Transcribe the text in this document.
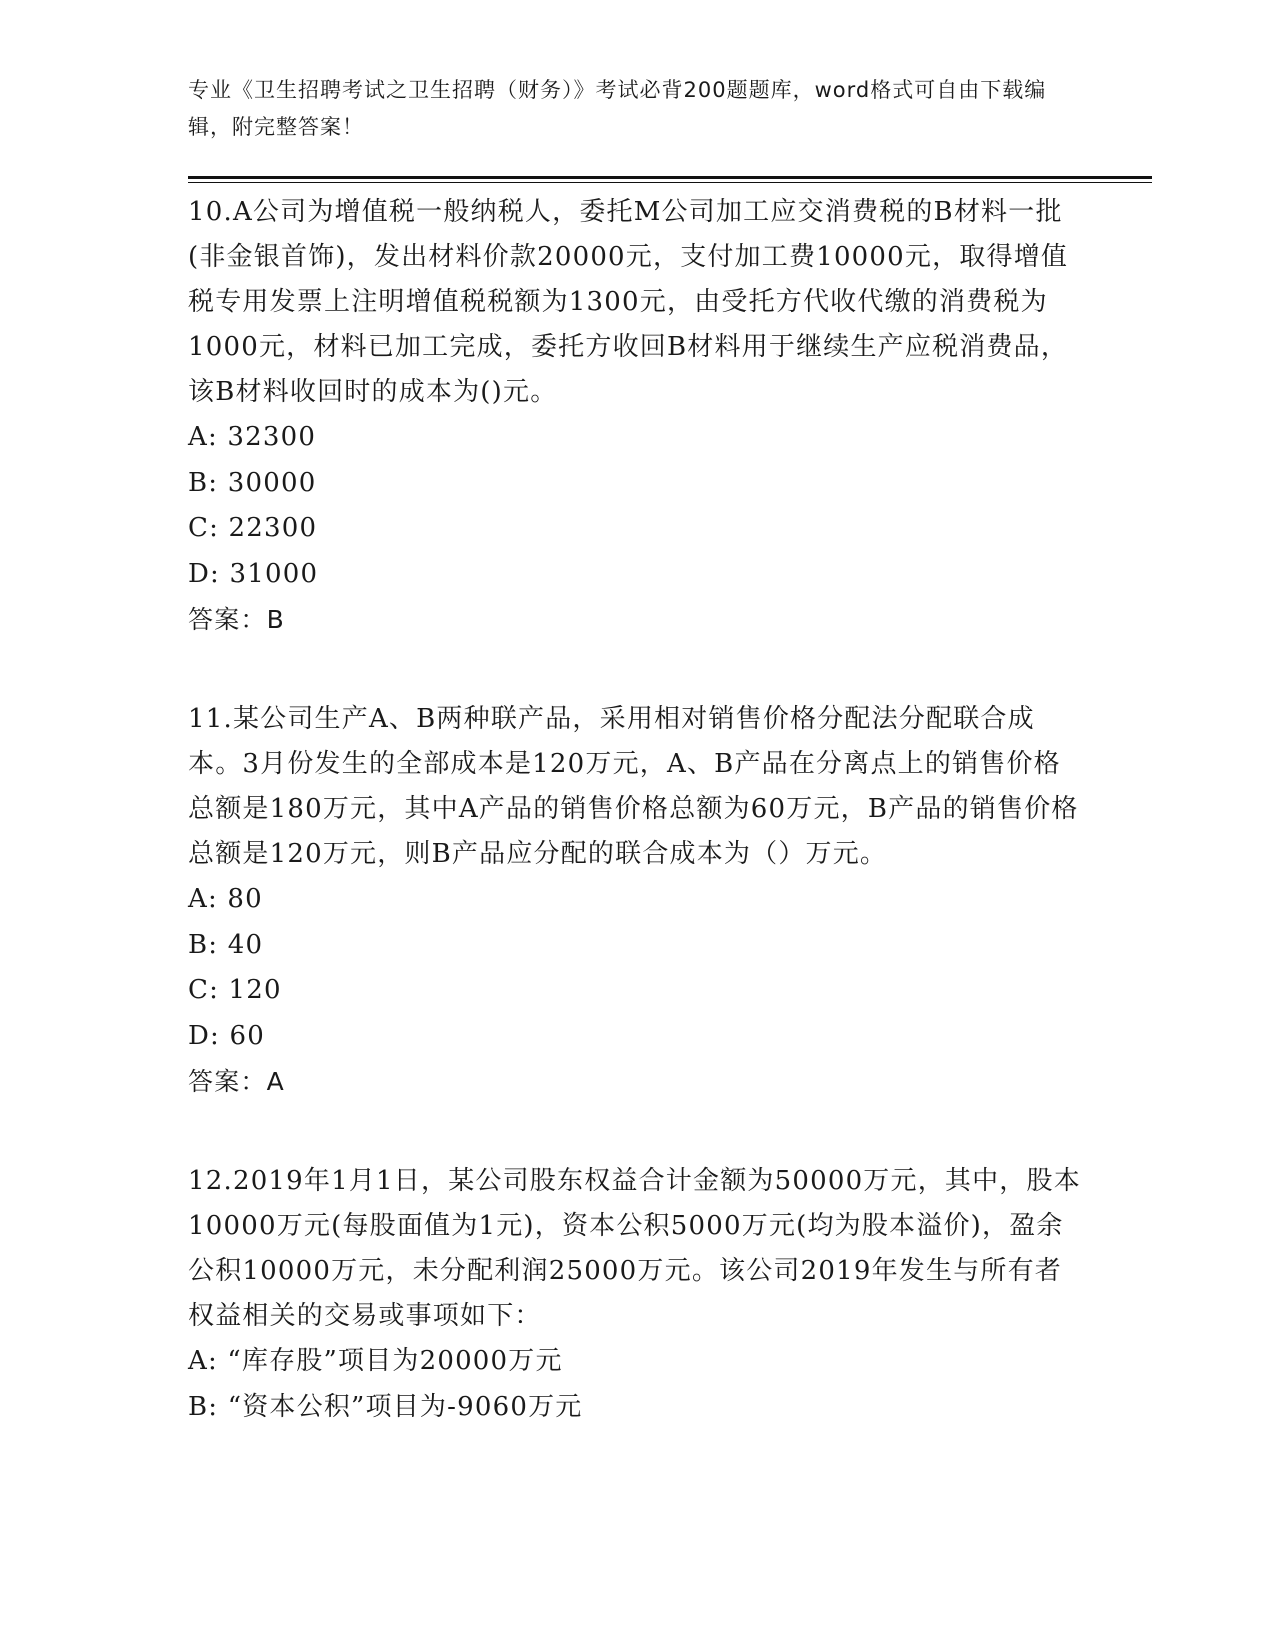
专业《卫生招聘考试之卫生招聘（财务）》考试必背200题题库，word格式可自由下载编辑，附完整答案！

10.A公司为增值税一般纳税人，委托M公司加工应交消费税的B材料一批(非金银首饰)，发出材料价款20000元，支付加工费10000元，取得增值税专用发票上注明增值税税额为1300元，由受托方代收代缴的消费税为1000元，材料已加工完成，委托方收回B材料用于继续生产应税消费品，该B材料收回时的成本为()元。

A: 32300

B: 30000

C: 22300

D: 31000

答案：B

11.某公司生产A、B两种联产品，采用相对销售价格分配法分配联合成本。3月份发生的全部成本是120万元，A、B产品在分离点上的销售价格总额是180万元，其中A产品的销售价格总额为60万元，B产品的销售价格总额是120万元，则B产品应分配的联合成本为（）万元。

A: 80

B: 40

C: 120

D: 60

答案：A

12.2019年1月1日，某公司股东权益合计金额为50000万元，其中，股本10000万元(每股面值为1元)，资本公积5000万元(均为股本溢价)，盈余公积10000万元，未分配利润25000万元。该公司2019年发生与所有者权益相关的交易或事项如下：

A: “库存股”项目为20000万元

B: “资本公积”项目为-9060万元
